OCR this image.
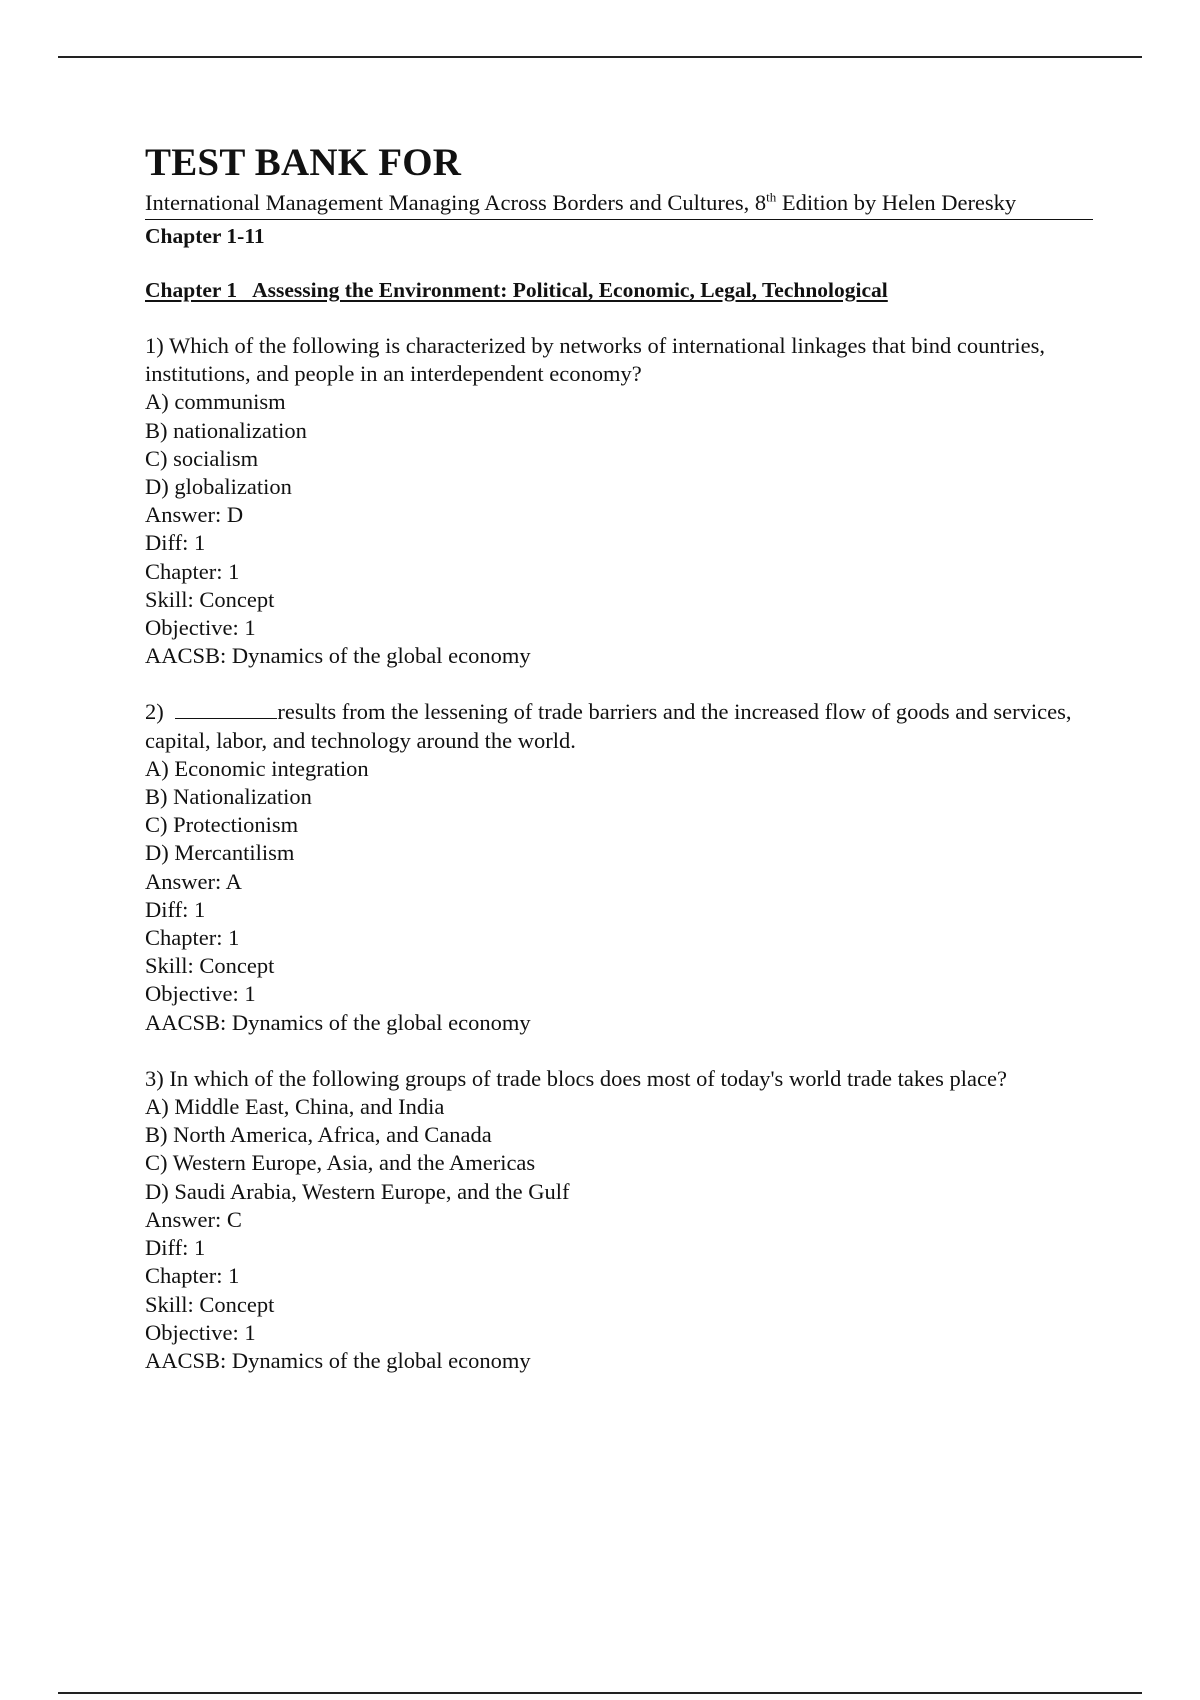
TEST BANK FOR
International Management Managing Across Borders and Cultures, 8th Edition by Helen Deresky
Chapter 1-11
Chapter 1   Assessing the Environment: Political, Economic, Legal, Technological
1) Which of the following is characterized by networks of international linkages that bind countries, institutions, and people in an interdependent economy?
A) communism
B) nationalization
C) socialism
D) globalization
Answer: D
Diff: 1
Chapter: 1
Skill: Concept
Objective: 1
AACSB: Dynamics of the global economy
2)	results from the lessening of trade barriers and the increased flow of goods and services, capital, labor, and technology around the world.
A) Economic integration
B) Nationalization
C) Protectionism
D) Mercantilism
Answer: A
Diff: 1
Chapter: 1
Skill: Concept
Objective: 1
AACSB: Dynamics of the global economy
3) In which of the following groups of trade blocs does most of today's world trade takes place?
A) Middle East, China, and India
B) North America, Africa, and Canada
C) Western Europe, Asia, and the Americas
D) Saudi Arabia, Western Europe, and the Gulf
Answer: C
Diff: 1
Chapter: 1
Skill: Concept
Objective: 1
AACSB: Dynamics of the global economy
